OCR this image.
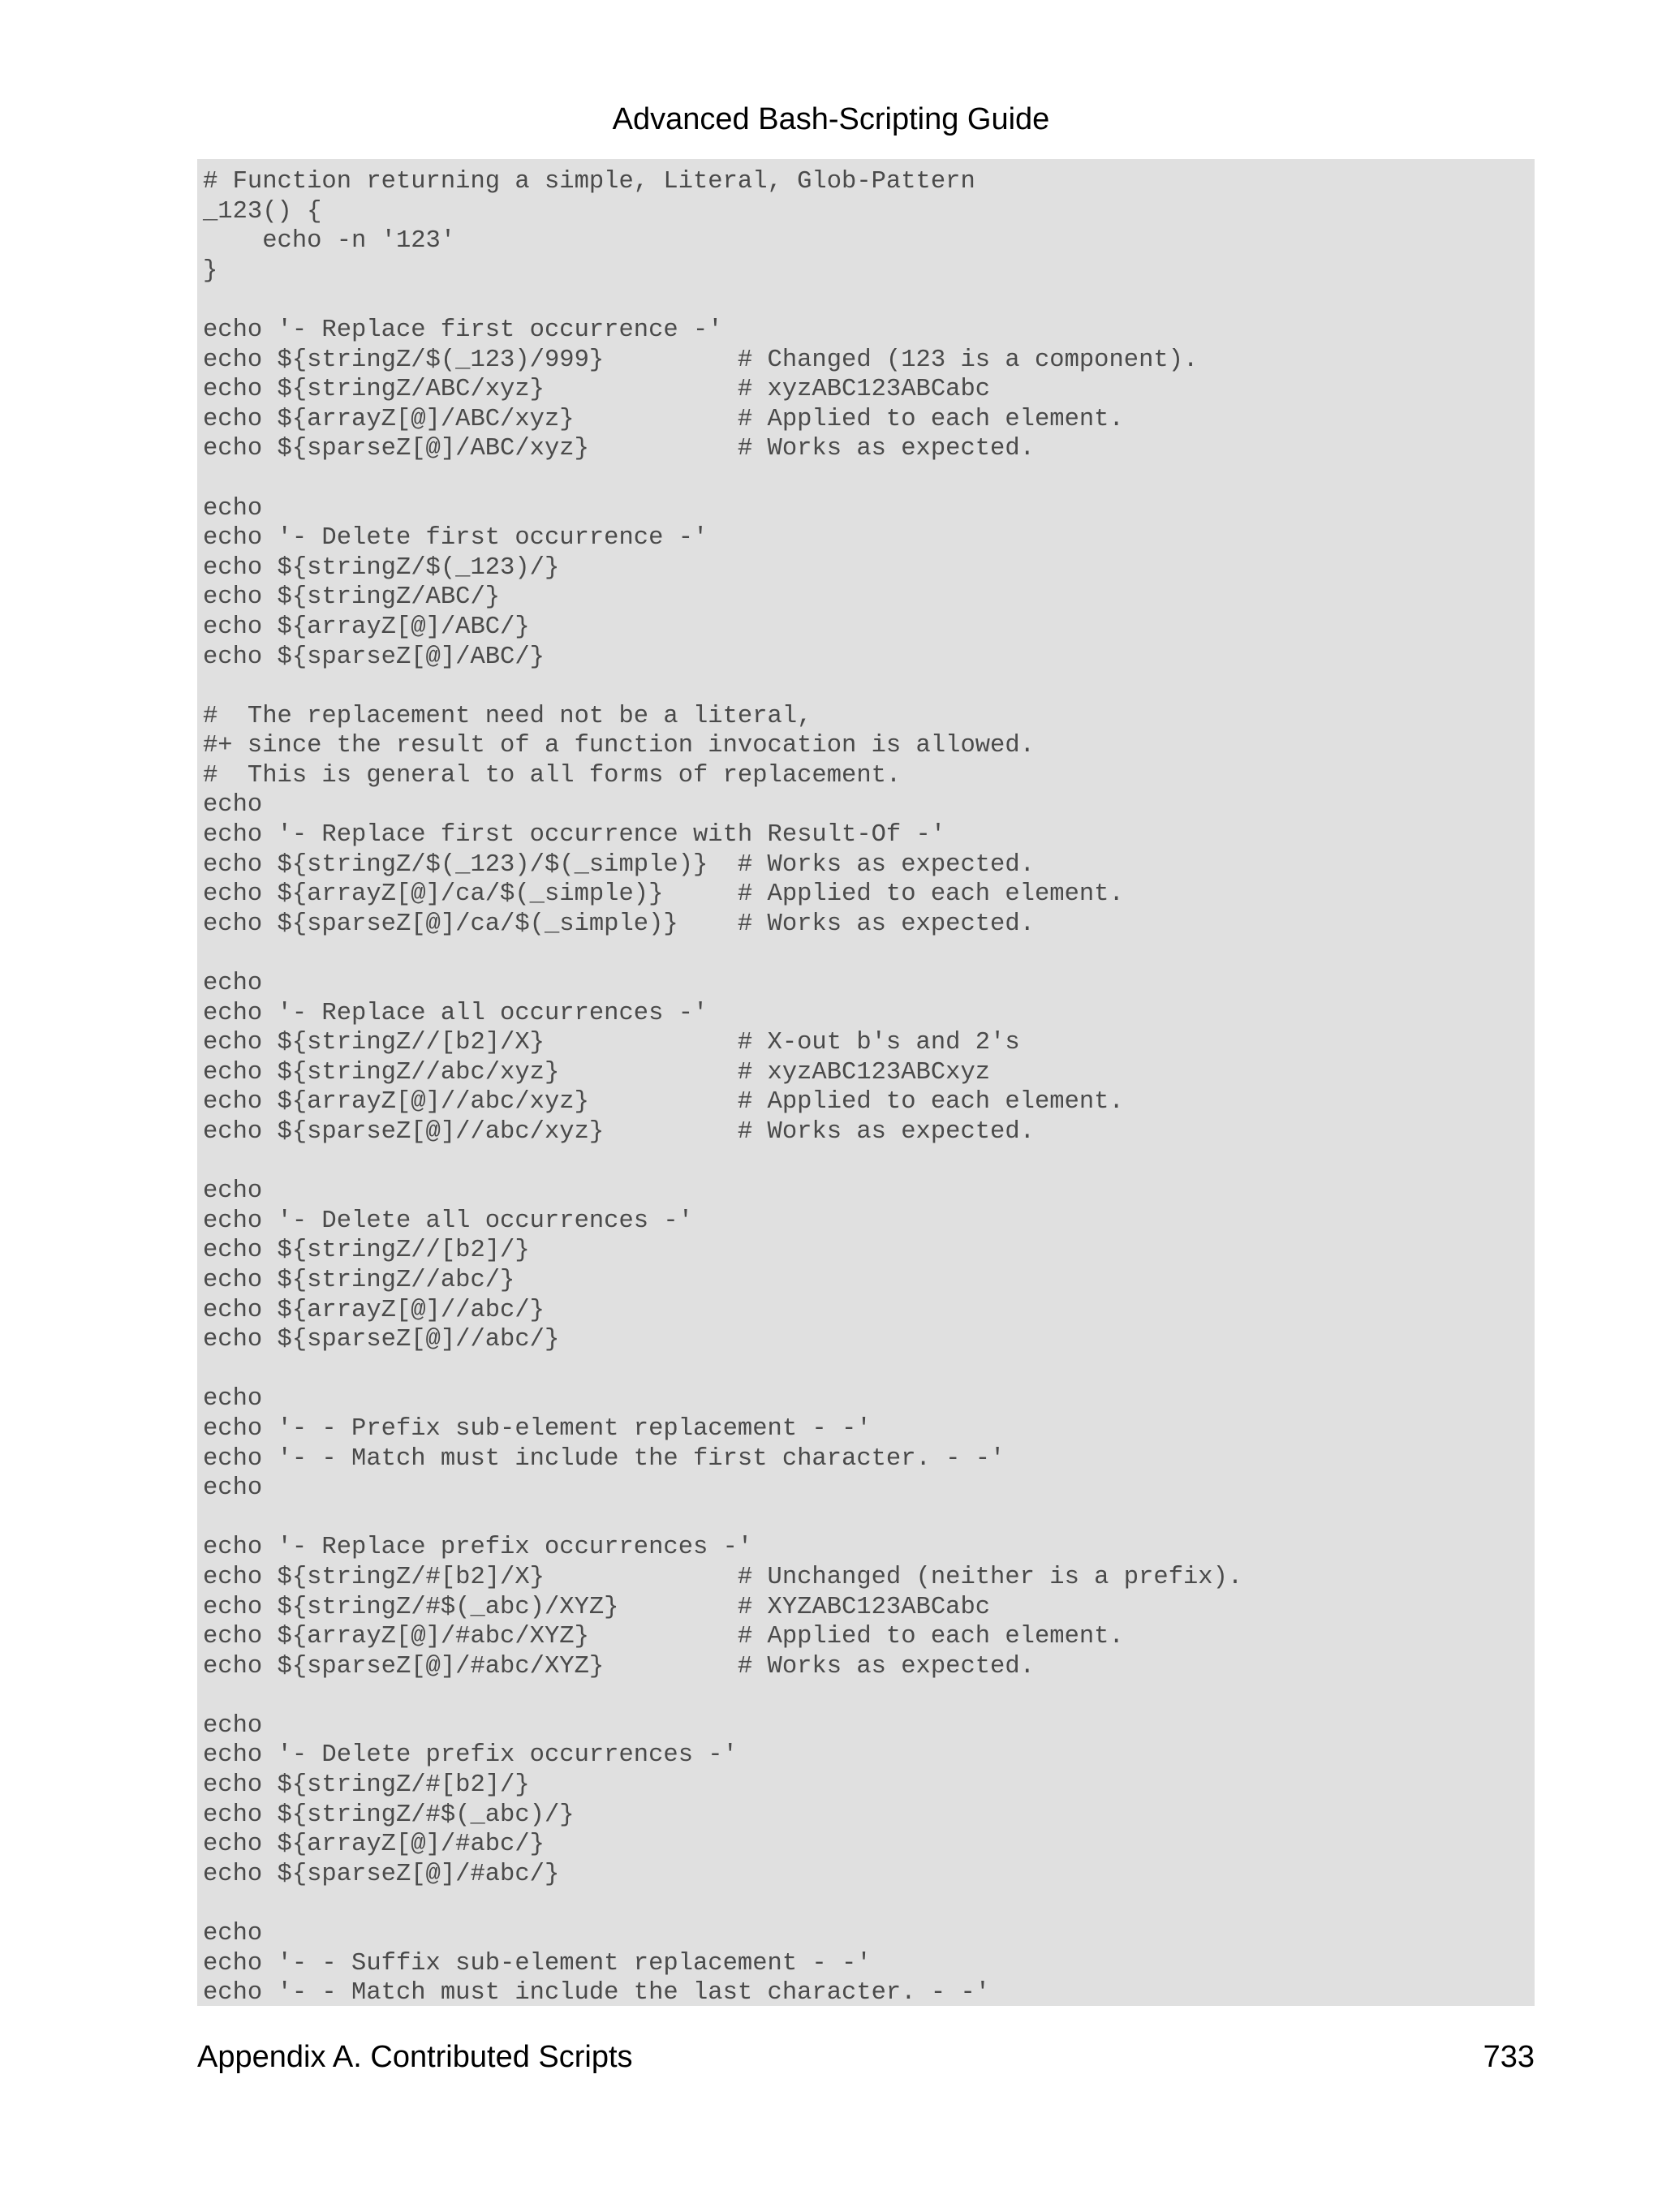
Advanced Bash-Scripting Guide
# Function returning a simple, Literal, Glob-Pattern
_123() {
echo -n '123'
}
echo '- Replace first occurrence -'
echo ${stringZ/$(_123)/999}         # Changed (123 is a component).
echo ${stringZ/ABC/xyz}             # xyzABC123ABCabc
echo ${arrayZ[@]/ABC/xyz}           # Applied to each element.
echo ${sparseZ[@]/ABC/xyz}          # Works as expected.
echo
echo '- Delete first occurrence -'
echo ${stringZ/$(_123)/}
echo ${stringZ/ABC/}
echo ${arrayZ[@]/ABC/}
echo ${sparseZ[@]/ABC/}
#  The replacement need not be a literal,
#+ since the result of a function invocation is allowed.
#  This is general to all forms of replacement.
echo
echo '- Replace first occurrence with Result-Of -'
echo ${stringZ/$(_123)/$(_simple)}  # Works as expected.
echo ${arrayZ[@]/ca/$(_simple)}     # Applied to each element.
echo ${sparseZ[@]/ca/$(_simple)}    # Works as expected.
echo
echo '- Replace all occurrences -'
echo ${stringZ//[b2]/X}             # X-out b's and 2's
echo ${stringZ//abc/xyz}            # xyzABC123ABCxyz
echo ${arrayZ[@]//abc/xyz}          # Applied to each element.
echo ${sparseZ[@]//abc/xyz}         # Works as expected.
echo
echo '- Delete all occurrences -'
echo ${stringZ//[b2]/}
echo ${stringZ//abc/}
echo ${arrayZ[@]//abc/}
echo ${sparseZ[@]//abc/}
echo
echo '- - Prefix sub-element replacement - -'
echo '- - Match must include the first character. - -'
echo
echo '- Replace prefix occurrences -'
echo ${stringZ/#[b2]/X}             # Unchanged (neither is a prefix).
echo ${stringZ/#$(_abc)/XYZ}        # XYZABC123ABCabc
echo ${arrayZ[@]/#abc/XYZ}          # Applied to each element.
echo ${sparseZ[@]/#abc/XYZ}         # Works as expected.
echo
echo '- Delete prefix occurrences -'
echo ${stringZ/#[b2]/}
echo ${stringZ/#$(_abc)/}
echo ${arrayZ[@]/#abc/}
echo ${sparseZ[@]/#abc/}
echo
echo '- - Suffix sub-element replacement - -'
echo '- - Match must include the last character. - -'
Appendix A. Contributed Scripts	733
